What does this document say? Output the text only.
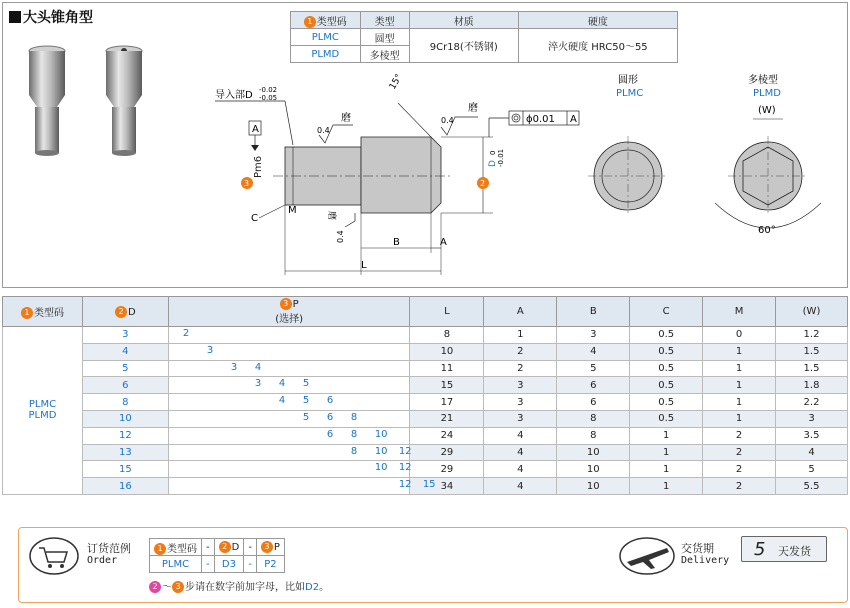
大头锥角型	1 类型码	类型	材质	硬度
PLMC	圆型	9Cr18(不锈钢)	淬火硬度 HRC50～55
PLMD	多棱型		
导入部D -0.02
-0.05
A
3
Pm6
磨
0.4
15°
磨
0.4	ϕ0.01 A
2
D
0 -0.01
C
M	磨
0.4	B	A
L
圆形
PLMC
多棱型
PLMD
(W)
60°
1 类型码	2 D	3 P
(选择)	L	A	B	C	M	(W)

PLMC
PLMD	3	2	8	1	3	0.5	0	1.2
	4	3	10	2	4	0.5	1	1.5
	5	3 4	11	2	5	0.5	1	1.5
	6	3 4 5	15	3	6	0.5	1	1.8
	8	4 5 6	17	3	6	0.5	1	2.2
	10	5 6 8	21	3	8	0.5	1	3
	12	6 8 10	24	4	8	1	2	3.5
	13	8 10 12	29	4	10	1	2	4
	15	10 12	29	4	10	1	2	5
	16	12 15	34	4	10	1	2	5.5
订货范例
Order
1 类型码	-	2 D	-	3 P
PLMC	-	D3	-	P2
2 ～ 3 步请在数字前加字母，比如D2。
交货期
Delivery
5 天发货
